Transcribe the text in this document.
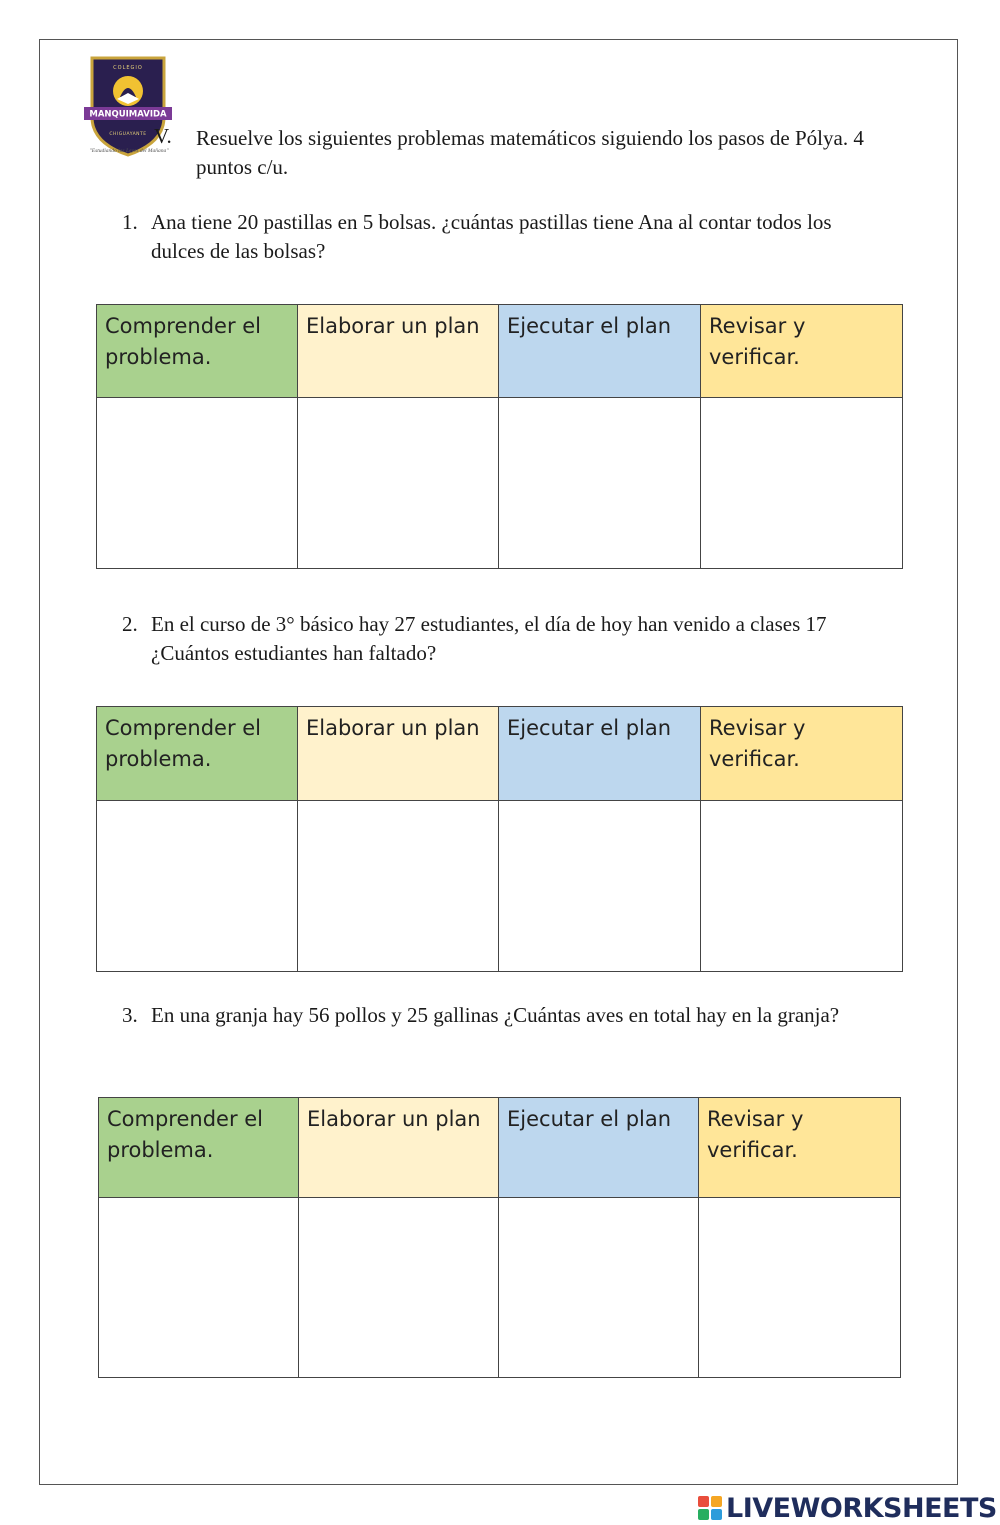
COLEGIO
MANQUIMAVIDA
CHIGUAYANTE
"Estudiando las Leyes del Mañana"
V. Resuelve los siguientes problemas matemáticos siguiendo los pasos de Pólya. 4 puntos c/u.
1. Ana tiene 20 pastillas en 5 bolsas. ¿cuántas pastillas tiene Ana al contar todos los dulces de las bolsas?
Comprender el problema.	Elaborar un plan	Ejecutar el plan	Revisar y verificar.

2. En el curso de 3° básico hay 27 estudiantes, el día de hoy han venido a clases 17 ¿Cuántos estudiantes han faltado?
Comprender el problema.	Elaborar un plan	Ejecutar el plan	Revisar y verificar.

3. En una granja hay 56 pollos y 25 gallinas ¿Cuántas aves en total hay en la granja?
Comprender el problema.	Elaborar un plan	Ejecutar el plan	Revisar y verificar.

LIVEWORKSHEETS
